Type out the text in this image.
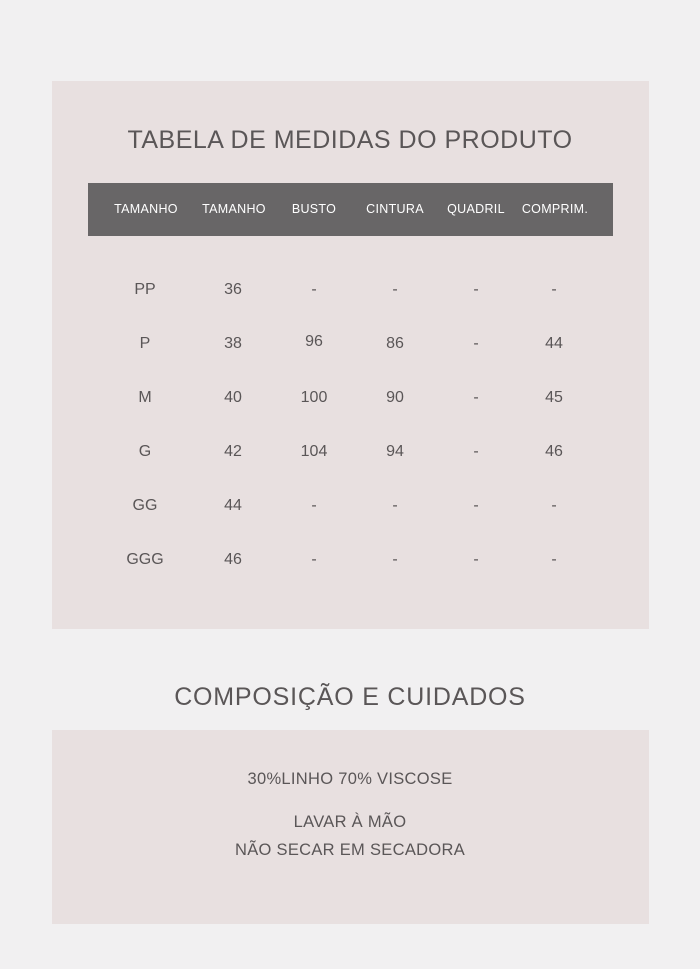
TABELA DE MEDIDAS DO PRODUTO
TAMANHO TAMANHO BUSTO CINTURA QUADRIL COMPRIM.
PP	36	-	-	-	-
P	38	96	86	-	44
M	40	100	90	-	45
G	42	104	94	-	46
GG	44	-	-	-	-
GGG	46	-	-	-	-
COMPOSIÇÃO E CUIDADOS
30%LINHO 70% VISCOSE
LAVAR À MÃO
NÃO SECAR EM SECADORA
